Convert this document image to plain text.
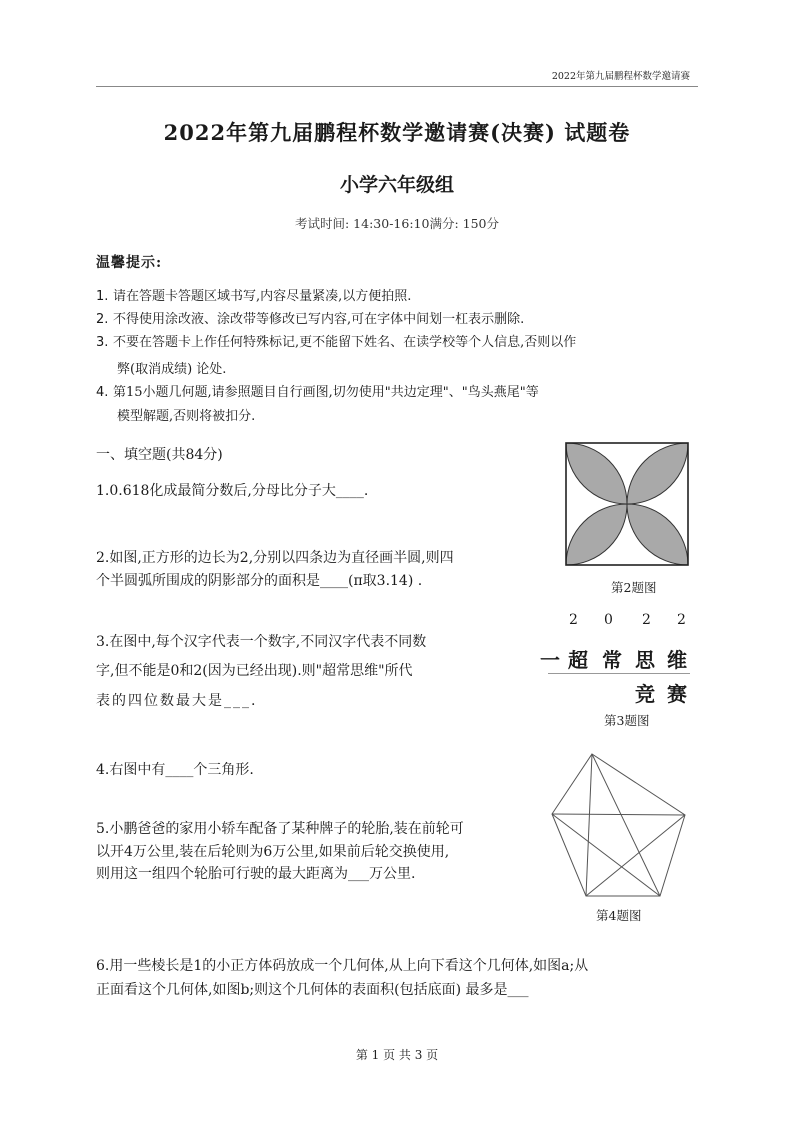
2022年第九届鹏程杯数学邀请赛
2022年第九届鹏程杯数学邀请赛(决赛) 试题卷
小学六年级组
考试时间: 14:30-16:10满分: 150分
温馨提示:
1. 请在答题卡答题区域书写,内容尽量紧凑,以方便拍照.
2. 不得使用涂改液、涂改带等修改已写内容,可在字体中间划一杠表示删除.
3. 不要在答题卡上作任何特殊标记,更不能留下姓名、在读学校等个人信息,否则以作
弊(取消成绩) 论处.
4. 第15小题几何题,请参照题目自行画图,切勿使用"共边定理"、"鸟头燕尾"等
模型解题,否则将被扣分.
一、填空题(共84分)
1.0.618化成最简分数后,分母比分子大____.
2.如图,正方形的边长为2,分别以四条边为直径画半圆,则四
个半圆弧所围成的阴影部分的面积是____(π取3.14) .
3.在图中,每个汉字代表一个数字,不同汉字代表不同数
字,但不能是0和2(因为已经出现).则"超常思维"所代
表的四位数最大是___.
4.右图中有____个三角形.
5.小鹏爸爸的家用小轿车配备了某种牌子的轮胎,装在前轮可
以开4万公里,装在后轮则为6万公里,如果前后轮交换使用,
则用这一组四个轮胎可行驶的最大距离为___万公里.
6.用一些棱长是1的小正方体码放成一个几何体,从上向下看这个几何体,如图a;从
正面看这个几何体,如图b;则这个几何体的表面积(包括底面) 最多是___
第2题图
2 0 2 2
一 超 常 思 维
竞 赛
第3题图
第4题图
第 1 页 共 3 页
